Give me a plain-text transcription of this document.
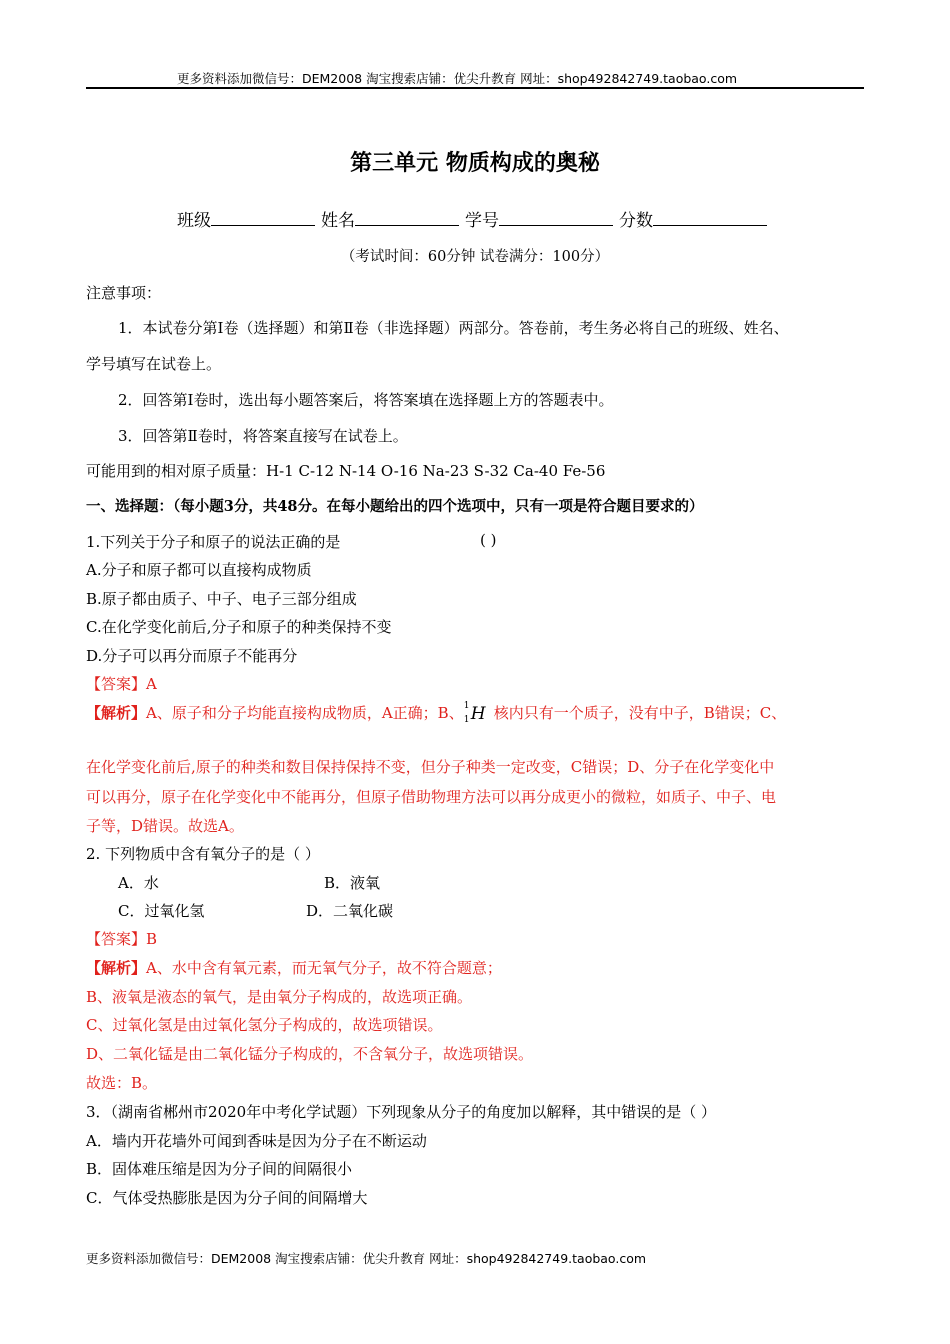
更多资料添加微信号：DEM2008 淘宝搜索店铺：优尖升教育 网址：shop492842749.taobao.com
第三单元 物质构成的奥秘
班级	姓名	学号	分数
（考试时间：60分钟 试卷满分：100分）
注意事项：
1．本试卷分第Ⅰ卷（选择题）和第Ⅱ卷（非选择题）两部分。答卷前，考生务必将自己的班级、姓名、
学号填写在试卷上。
2．回答第Ⅰ卷时，选出每小题答案后，将答案填在选择题上方的答题表中。
3．回答第Ⅱ卷时，将答案直接写在试卷上。
可能用到的相对原子质量：H-1 C-12 N-14 O-16 Na-23 S-32 Ca-40 Fe-56
一、选择题：（每小题3分，共48分。在每小题给出的四个选项中，只有一项是符合题目要求的）
1.下列关于分子和原子的说法正确的是	( )
A.分子和原子都可以直接构成物质
B.原子都由质子、中子、电子三部分组成
C.在化学变化前后,分子和原子的种类保持不变
D.分子可以再分而原子不能再分
【答案】A
【解析】A、原子和分子均能直接构成物质，A正确；B、 1
1 H 核内只有一个质子，没有中子，B错误；C、
在化学变化前后,原子的种类和数目保持保持不变，但分子种类一定改变，C错误；D、分子在化学变化中
可以再分，原子在化学变化中不能再分，但原子借助物理方法可以再分成更小的微粒，如质子、中子、电
子等，D错误。故选A。
2. 下列物质中含有氧分子的是（ ）
A．水	B．液氧
C．过氧化氢	D．二氧化碳
【答案】B
【解析】A、水中含有氧元素，而无氧气分子，故不符合题意；
B、液氧是液态的氧气，是由氧分子构成的，故选项正确。
C、过氧化氢是由过氧化氢分子构成的，故选项错误。
D、二氧化锰是由二氧化锰分子构成的，不含氧分子，故选项错误。
故选：B。
3．（湖南省郴州市2020年中考化学试题）下列现象从分子的角度加以解释，其中错误的是（ ）
A．墙内开花墙外可闻到香味是因为分子在不断运动
B．固体难压缩是因为分子间的间隔很小
C．气体受热膨胀是因为分子间的间隔增大
更多资料添加微信号：DEM2008 淘宝搜索店铺：优尖升教育 网址：shop492842749.taobao.com
